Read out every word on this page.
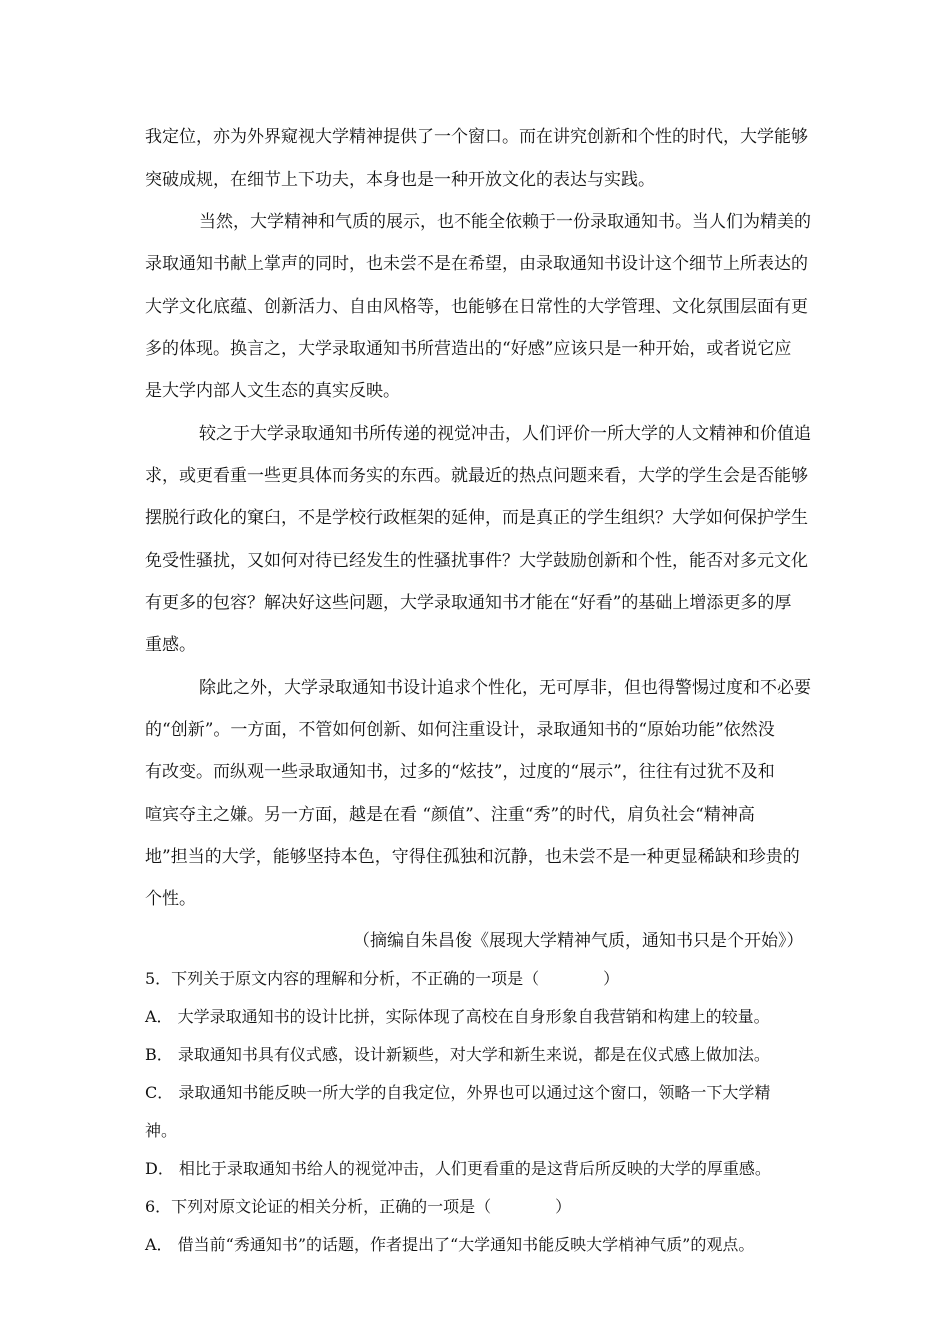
我定位，亦为外界窥视大学精神提供了一个窗口。而在讲究创新和个性的时代，大学能够
突破成规，在细节上下功夫，本身也是一种开放文化的表达与实践。
当然，大学精神和气质的展示，也不能全依赖于一份录取通知书。当人们为精美的
录取通知书献上掌声的同时，也未尝不是在希望，由录取通知书设计这个细节上所表达的
大学文化底蕴、创新活力、自由风格等，也能够在日常性的大学管理、文化氛围层面有更
多的体现。换言之，大学录取通知书所营造出的“好感”应该只是一种开始，或者说它应
是大学内部人文生态的真实反映。
较之于大学录取通知书所传递的视觉冲击，人们评价一所大学的人文精神和价值追
求，或更看重一些更具体而务实的东西。就最近的热点问题来看，大学的学生会是否能够
摆脱行政化的窠臼，不是学校行政框架的延伸，而是真正的学生组织？大学如何保护学生
免受性骚扰，又如何对待已经发生的性骚扰事件？大学鼓励创新和个性，能否对多元文化
有更多的包容？解决好这些问题，大学录取通知书才能在“好看”的基础上增添更多的厚
重感。
除此之外，大学录取通知书设计追求个性化，无可厚非，但也得警惕过度和不必要
的“创新”。一方面，不管如何创新、如何注重设计，录取通知书的“原始功能”依然没
有改变。而纵观一些录取通知书，过多的“炫技”，过度的“展示”，往往有过犹不及和
喧宾夺主之嫌。另一方面，越是在看 “颜值”、注重“秀”的时代，肩负社会“精神高
地”担当的大学，能够坚持本色，守得住孤独和沉静，也未尝不是一种更显稀缺和珍贵的
个性。
（摘编自朱昌俊《展现大学精神气质，通知书只是个开始》）
5．下列关于原文内容的理解和分析，不正确的一项是（　　　　）
A． 大学录取通知书的设计比拼，实际体现了高校在自身形象自我营销和构建上的较量。
B． 录取通知书具有仪式感，设计新颖些，对大学和新生来说，都是在仪式感上做加法。
C． 录取通知书能反映一所大学的自我定位，外界也可以通过这个窗口，领略一下大学精
神。
D． 相比于录取通知书给人的视觉冲击，人们更看重的是这背后所反映的大学的厚重感。
6．下列对原文论证的相关分析，正确的一项是（　　　　）
A． 借当前“秀通知书”的话题，作者提出了“大学通知书能反映大学梢神气质”的观点。
